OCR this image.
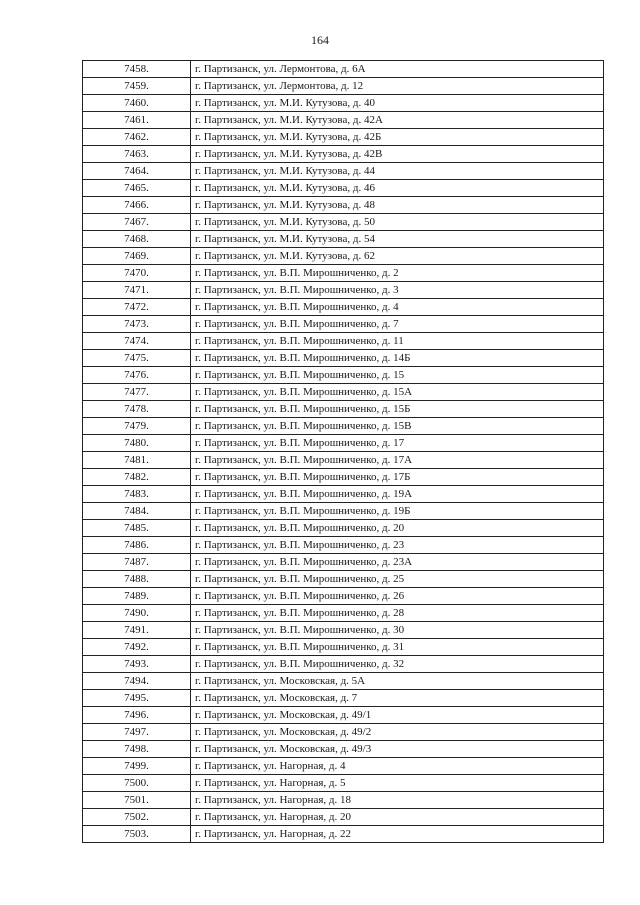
164
7458.	г. Партизанск, ул. Лермонтова, д. 6А
7459.	г. Партизанск, ул. Лермонтова, д. 12
7460.	г. Партизанск, ул. М.И. Кутузова, д. 40
7461.	г. Партизанск, ул. М.И. Кутузова, д. 42А
7462.	г. Партизанск, ул. М.И. Кутузова, д. 42Б
7463.	г. Партизанск, ул. М.И. Кутузова, д. 42В
7464.	г. Партизанск, ул. М.И. Кутузова, д. 44
7465.	г. Партизанск, ул. М.И. Кутузова, д. 46
7466.	г. Партизанск, ул. М.И. Кутузова, д. 48
7467.	г. Партизанск, ул. М.И. Кутузова, д. 50
7468.	г. Партизанск, ул. М.И. Кутузова, д. 54
7469.	г. Партизанск, ул. М.И. Кутузова, д. 62
7470.	г. Партизанск, ул. В.П. Мирошниченко, д. 2
7471.	г. Партизанск, ул. В.П. Мирошниченко, д. 3
7472.	г. Партизанск, ул. В.П. Мирошниченко, д. 4
7473.	г. Партизанск, ул. В.П. Мирошниченко, д. 7
7474.	г. Партизанск, ул. В.П. Мирошниченко, д. 11
7475.	г. Партизанск, ул. В.П. Мирошниченко, д. 14Б
7476.	г. Партизанск, ул. В.П. Мирошниченко, д. 15
7477.	г. Партизанск, ул. В.П. Мирошниченко, д. 15А
7478.	г. Партизанск, ул. В.П. Мирошниченко, д. 15Б
7479.	г. Партизанск, ул. В.П. Мирошниченко, д. 15В
7480.	г. Партизанск, ул. В.П. Мирошниченко, д. 17
7481.	г. Партизанск, ул. В.П. Мирошниченко, д. 17А
7482.	г. Партизанск, ул. В.П. Мирошниченко, д. 17Б
7483.	г. Партизанск, ул. В.П. Мирошниченко, д. 19А
7484.	г. Партизанск, ул. В.П. Мирошниченко, д. 19Б
7485.	г. Партизанск, ул. В.П. Мирошниченко, д. 20
7486.	г. Партизанск, ул. В.П. Мирошниченко, д. 23
7487.	г. Партизанск, ул. В.П. Мирошниченко, д. 23А
7488.	г. Партизанск, ул. В.П. Мирошниченко, д. 25
7489.	г. Партизанск, ул. В.П. Мирошниченко, д. 26
7490.	г. Партизанск, ул. В.П. Мирошниченко, д. 28
7491.	г. Партизанск, ул. В.П. Мирошниченко, д. 30
7492.	г. Партизанск, ул. В.П. Мирошниченко, д. 31
7493.	г. Партизанск, ул. В.П. Мирошниченко, д. 32
7494.	г. Партизанск, ул. Московская, д. 5А
7495.	г. Партизанск, ул. Московская, д. 7
7496.	г. Партизанск, ул. Московская, д. 49/1
7497.	г. Партизанск, ул. Московская, д. 49/2
7498.	г. Партизанск, ул. Московская, д. 49/3
7499.	г. Партизанск, ул. Нагорная, д. 4
7500.	г. Партизанск, ул. Нагорная, д. 5
7501.	г. Партизанск, ул. Нагорная, д. 18
7502.	г. Партизанск, ул. Нагорная, д. 20
7503.	г. Партизанск, ул. Нагорная, д. 22
